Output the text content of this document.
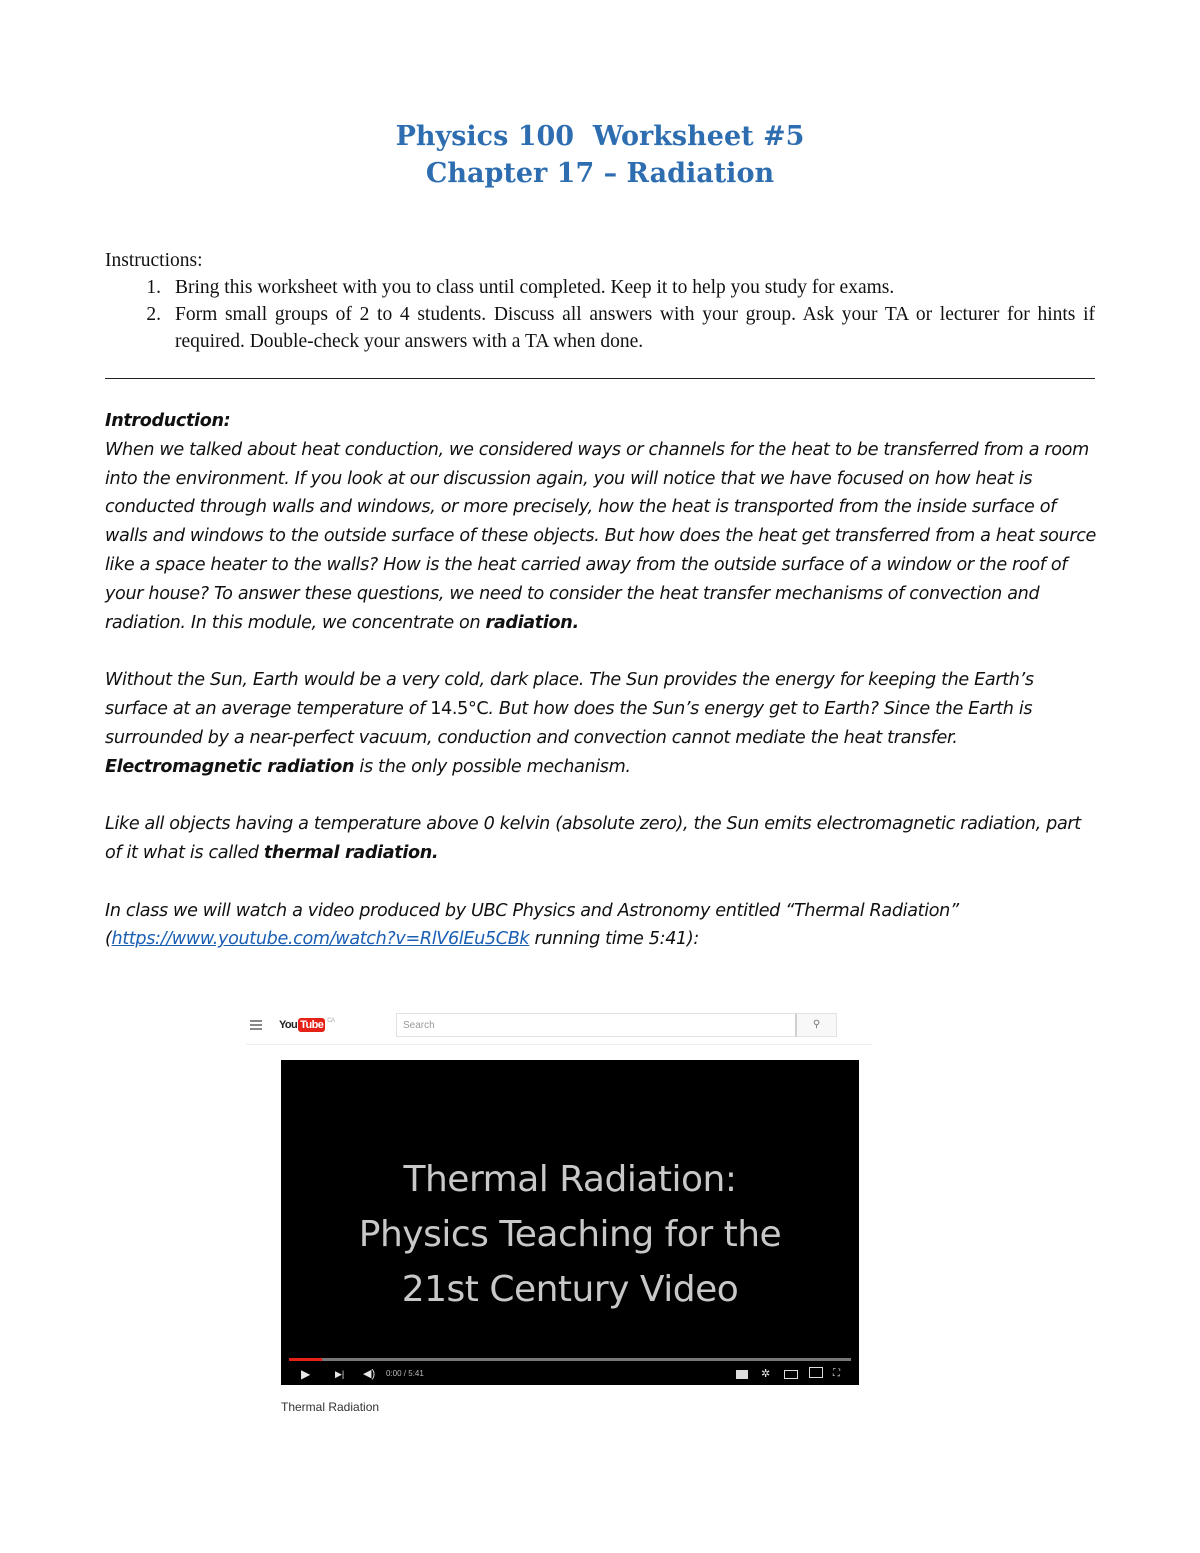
Physics 100  Worksheet #5
Chapter 17 – Radiation
Instructions:
1. Bring this worksheet with you to class until completed. Keep it to help you study for exams.
2. Form small groups of 2 to 4 students. Discuss all answers with your group. Ask your TA or lecturer for hints if required. Double-check your answers with a TA when done.
Introduction:

When we talked about heat conduction, we considered ways or channels for the heat to be transferred from a room into the environment. If you look at our discussion again, you will notice that we have focused on how heat is conducted through walls and windows, or more precisely, how the heat is transported from the inside surface of walls and windows to the outside surface of these objects. But how does the heat get transferred from a heat source like a space heater to the walls? How is the heat carried away from the outside surface of a window or the roof of your house? To answer these questions, we need to consider the heat transfer mechanisms of convection and radiation. In this module, we concentrate on radiation.

Without the Sun, Earth would be a very cold, dark place. The Sun provides the energy for keeping the Earth’s surface at an average temperature of 14.5°C. But how does the Sun’s energy get to Earth? Since the Earth is surrounded by a near-perfect vacuum, conduction and convection cannot mediate the heat transfer. Electromagnetic radiation is the only possible mechanism.

Like all objects having a temperature above 0 kelvin (absolute zero), the Sun emits electromagnetic radiation, part of it what is called thermal radiation.

In class we will watch a video produced by UBC Physics and Astronomy entitled “Thermal Radiation” (https://www.youtube.com/watch?v=RlV6lEu5CBk running time 5:41):

You Tube CA	Search	⚲
Thermal Radiation:
Physics Teaching for the
21st Century Video
▶	▶| ◀) 0:00 / 5:41	✲	⛶
Thermal Radiation
